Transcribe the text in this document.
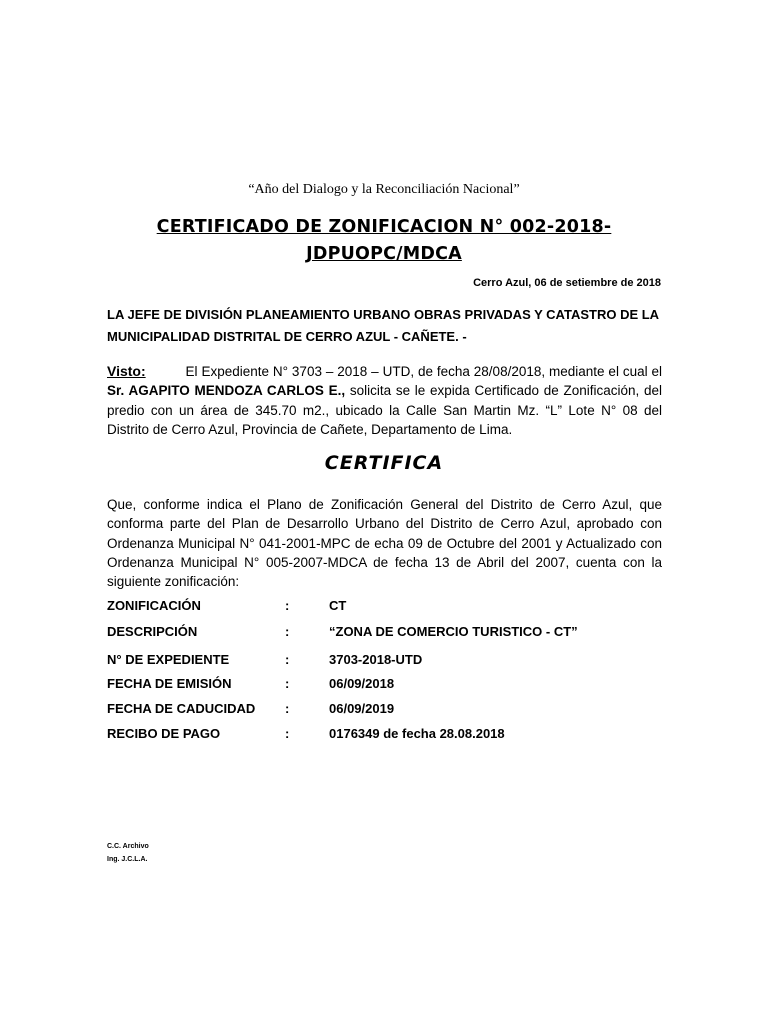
“Año del Dialogo y la Reconciliación Nacional”
CERTIFICADO DE ZONIFICACION N° 002-2018-JDPUOPC/MDCA
Cerro Azul, 06 de setiembre de 2018
LA JEFE DE DIVISIÓN PLANEAMIENTO URBANO OBRAS PRIVADAS Y CATASTRO DE LA MUNICIPALIDAD DISTRITAL DE CERRO AZUL - CAÑETE. -
Visto:	El Expediente N° 3703 – 2018 – UTD, de fecha 28/08/2018, mediante el cual el Sr. AGAPITO MENDOZA CARLOS E., solicita se le expida Certificado de Zonificación, del predio con un área de 345.70 m2., ubicado la Calle San Martin Mz. “L” Lote N° 08 del Distrito de Cerro Azul, Provincia de Cañete, Departamento de Lima.
CERTIFICA
Que, conforme indica el Plano de Zonificación General del Distrito de Cerro Azul, que conforma parte del Plan de Desarrollo Urbano del Distrito de Cerro Azul, aprobado con Ordenanza Municipal N° 041-2001-MPC de echa 09 de Octubre del 2001 y Actualizado con Ordenanza Municipal N° 005-2007-MDCA de fecha 13 de Abril del 2007, cuenta con la siguiente zonificación:
ZONIFICACIÓN	:	CT
DESCRIPCIÓN	:	“ZONA DE COMERCIO TURISTICO - CT”
N° DE EXPEDIENTE	:	3703-2018-UTD
FECHA DE EMISIÓN	:	06/09/2018
FECHA DE CADUCIDAD :	06/09/2019
RECIBO DE PAGO	:	0176349 de fecha 28.08.2018
C.C. Archivo
Ing. J.C.L.A.
